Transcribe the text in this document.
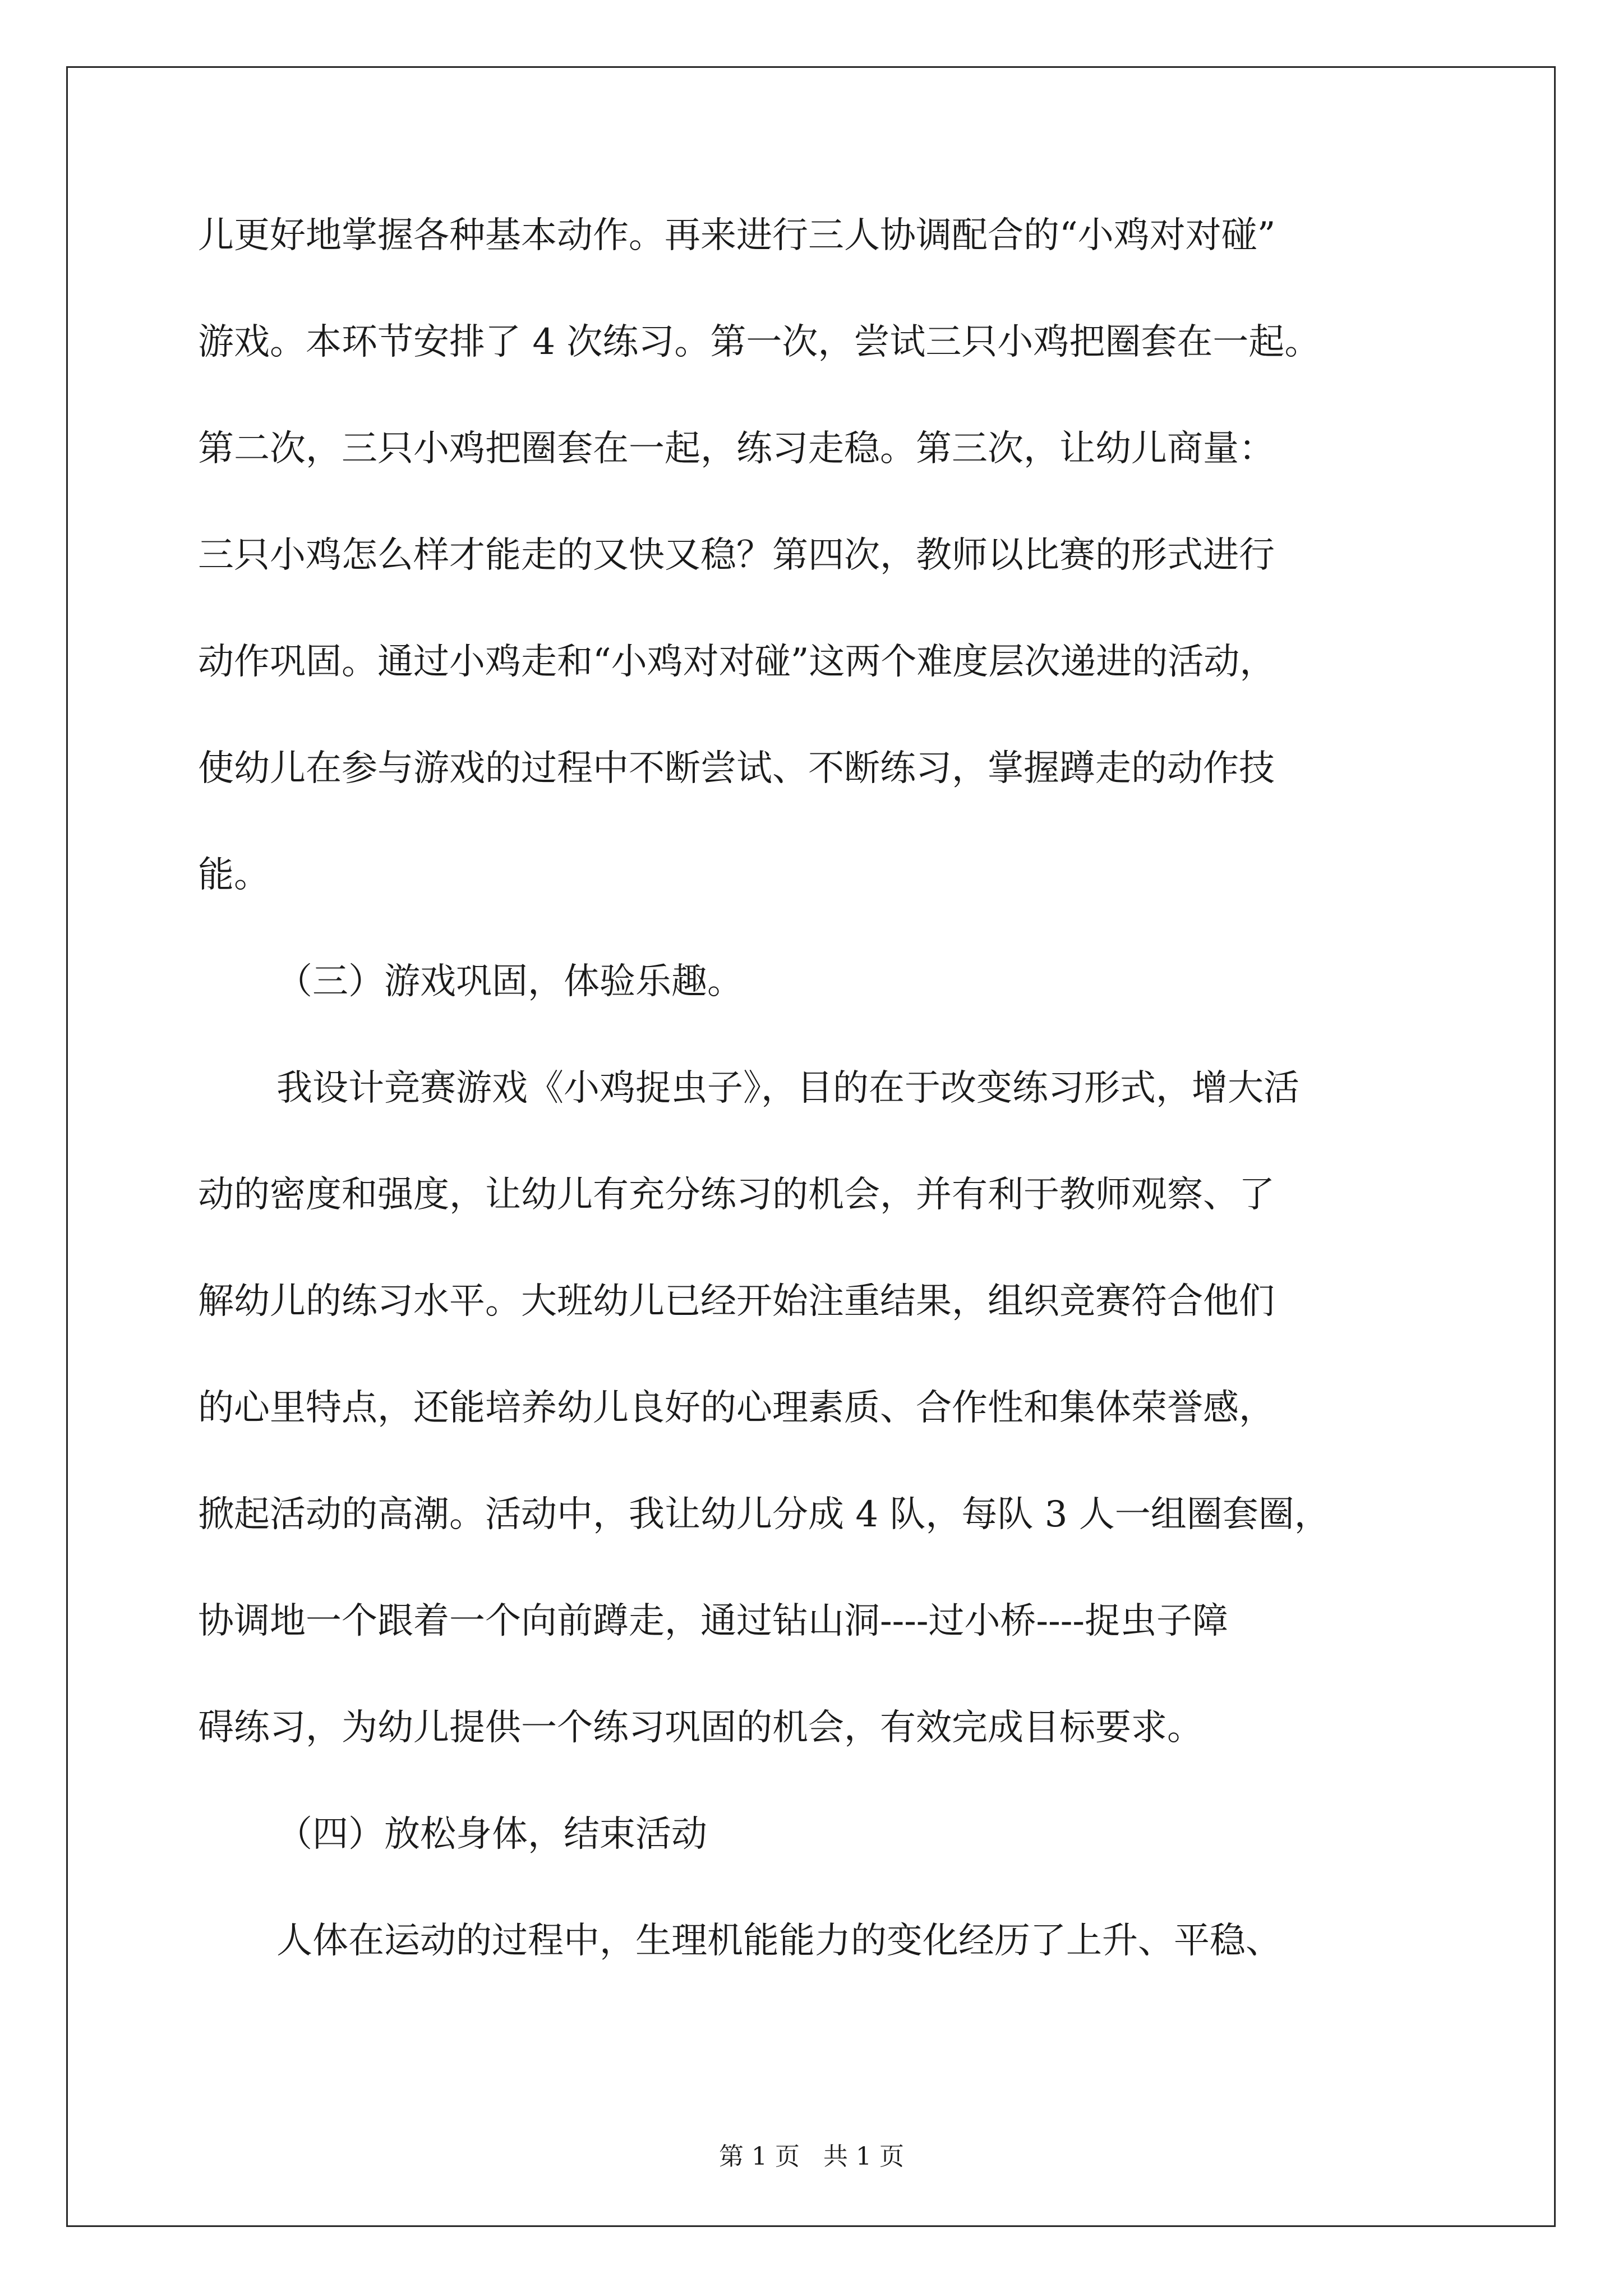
儿更好地掌握各种基本动作。再来进行三人协调配合的“小鸡对对碰”
游戏。本环节安排了 4 次练习。第一次，尝试三只小鸡把圈套在一起。
第二次，三只小鸡把圈套在一起，练习走稳。第三次，让幼儿商量：
三只小鸡怎么样才能走的又快又稳？第四次，教师以比赛的形式进行
动作巩固。通过小鸡走和“小鸡对对碰”这两个难度层次递进的活动，
使幼儿在参与游戏的过程中不断尝试、不断练习，掌握蹲走的动作技
能。
（三）游戏巩固，体验乐趣。
我设计竞赛游戏《小鸡捉虫子》，目的在于改变练习形式，增大活
动的密度和强度，让幼儿有充分练习的机会，并有利于教师观察、了
解幼儿的练习水平。大班幼儿已经开始注重结果，组织竞赛符合他们
的心里特点，还能培养幼儿良好的心理素质、合作性和集体荣誉感，
掀起活动的高潮。活动中，我让幼儿分成 4 队，每队 3 人一组圈套圈，
协调地一个跟着一个向前蹲走，通过钻山洞----过小桥----捉虫子障
碍练习，为幼儿提供一个练习巩固的机会，有效完成目标要求。
（四）放松身体，结束活动
人体在运动的过程中，生理机能能力的变化经历了上升、平稳、
第 1 页   共 1 页
